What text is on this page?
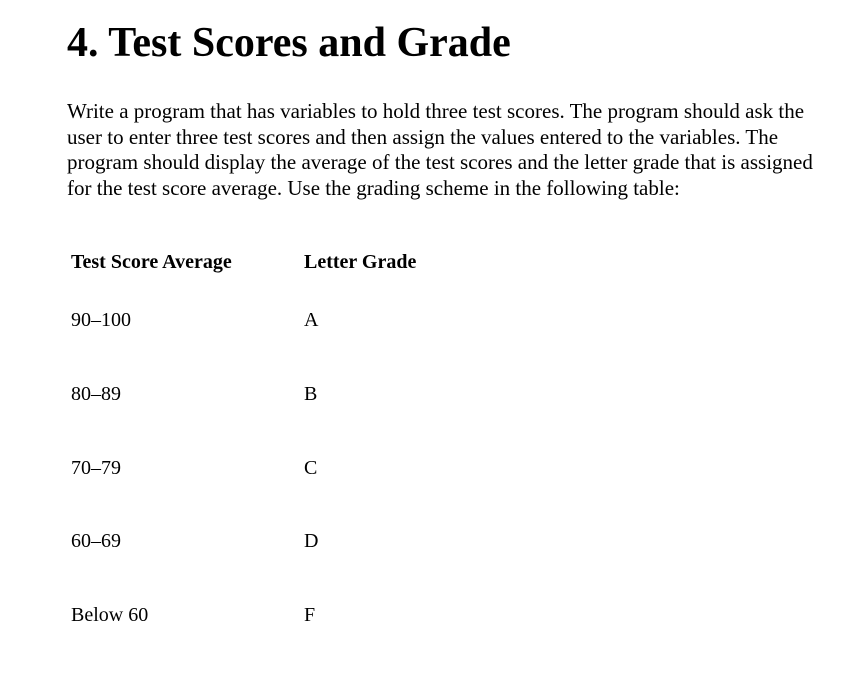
4. Test Scores and Grade

Write a program that has variables to hold three test scores. The program should ask the user to enter three test scores and then assign the values entered to the variables. The program should display the average of the test scores and the letter grade that is assigned for the test score average. Use the grading scheme in the following table:

Test Score Average	Letter Grade
90–100	A
80–89	B
70–79	C
60–69	D
Below 60	F
